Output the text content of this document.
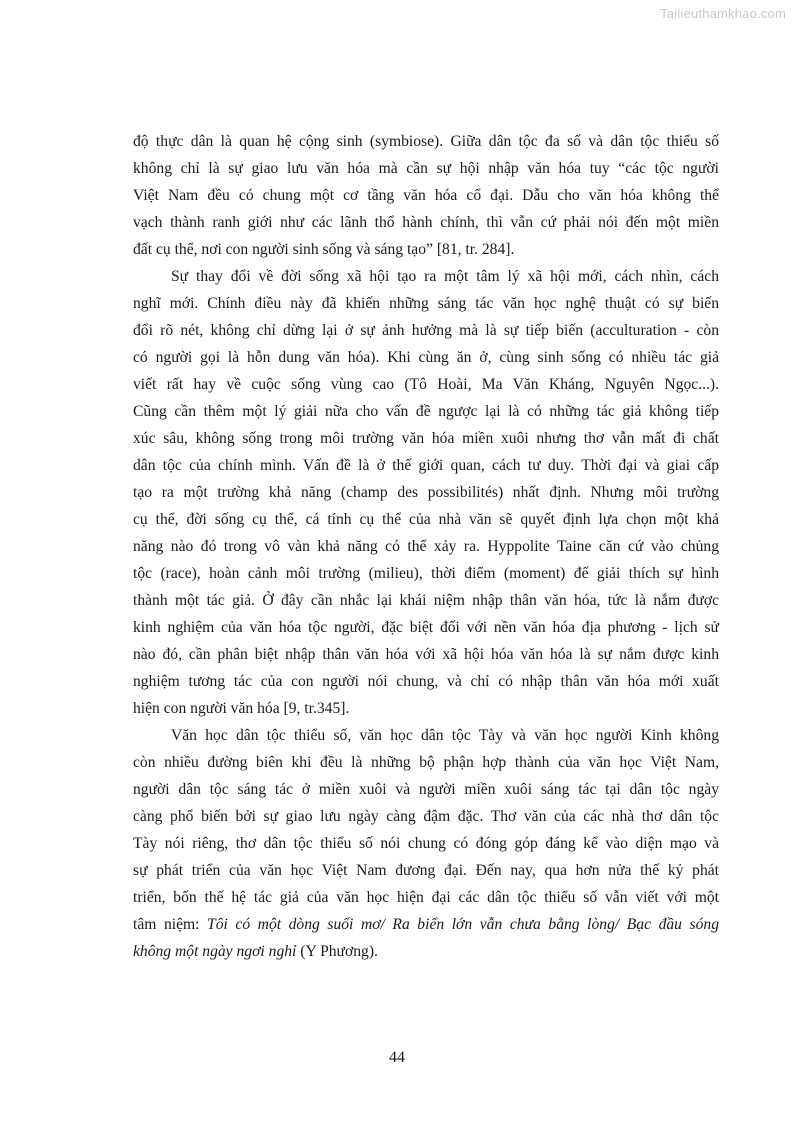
Tailieuthamkhao.com
độ thực dân là quan hệ cộng sinh (symbiose). Giữa dân tộc đa số và dân tộc thiểu số
không chỉ là sự giao lưu văn hóa mà cần sự hội nhập văn hóa tuy “các tộc người
Việt Nam đều có chung một cơ tầng văn hóa cổ đại. Dẫu cho văn hóa không thể
vạch thành ranh giới như các lãnh thổ hành chính, thì vẫn cứ phải nói đến một miền
đất cụ thể, nơi con người sinh sống và sáng tạo” [81, tr. 284].
Sự thay đổi về đời sống xã hội tạo ra một tâm lý xã hội mới, cách nhìn, cách
nghĩ mới. Chính điều này đã khiến những sáng tác văn học nghệ thuật có sự biến
đổi rõ nét, không chỉ dừng lại ở sự ảnh hưởng mà là sự tiếp biến (acculturation - còn
có người gọi là hỗn dung văn hóa). Khi cùng ăn ở, cùng sinh sống có nhiều tác giả
viết rất hay về cuộc sống vùng cao (Tô Hoài, Ma Văn Kháng, Nguyên Ngọc...).
Cũng cần thêm một lý giải nữa cho vấn đề ngược lại là có những tác giả không tiếp
xúc sâu, không sống trong môi trường văn hóa miền xuôi nhưng thơ vẫn mất đi chất
dân tộc của chính mình. Vấn đề là ở thế giới quan, cách tư duy. Thời đại và giai cấp
tạo ra một trường khả năng (champ des possibilités) nhất định. Nhưng môi trường
cụ thể, đời sống cụ thể, cá tính cụ thể của nhà văn sẽ quyết định lựa chọn một khả
năng nào đó trong vô vàn khả năng có thể xảy ra. Hyppolite Taine căn cứ vào chủng
tộc (race), hoàn cảnh môi trường (milieu), thời điểm (moment) để giải thích sự hình
thành một tác giả. Ở đây cần nhắc lại khái niệm nhập thân văn hóa, tức là nắm được
kinh nghiệm của văn hóa tộc người, đặc biệt đối với nền văn hóa địa phương - lịch sử
nào đó, cần phân biệt nhập thân văn hóa với xã hội hóa văn hóa là sự nắm được kinh
nghiệm tương tác của con người nói chung, và chỉ có nhập thân văn hóa mới xuất
hiện con người văn hóa [9, tr.345].
Văn học dân tộc thiểu số, văn học dân tộc Tày và văn học người Kinh không
còn nhiều đường biên khi đều là những bộ phận hợp thành của văn học Việt Nam,
người dân tộc sáng tác ở miền xuôi và người miền xuôi sáng tác tại dân tộc ngày
càng phổ biến bởi sự giao lưu ngày càng đậm đặc. Thơ văn của các nhà thơ dân tộc
Tày nói riêng, thơ dân tộc thiểu số nói chung có đóng góp đáng kể vào diện mạo và
sự phát triển của văn học Việt Nam đương đại. Đến nay, qua hơn nửa thế kỷ phát
triển, bốn thế hệ tác giả của văn học hiện đại các dân tộc thiểu số vẫn viết với một
tâm niệm: Tôi có một dòng suối mơ/ Ra biển lớn vẫn chưa bằng lòng/ Bạc đầu sóng
không một ngày ngơi nghỉ (Y Phương).
44
